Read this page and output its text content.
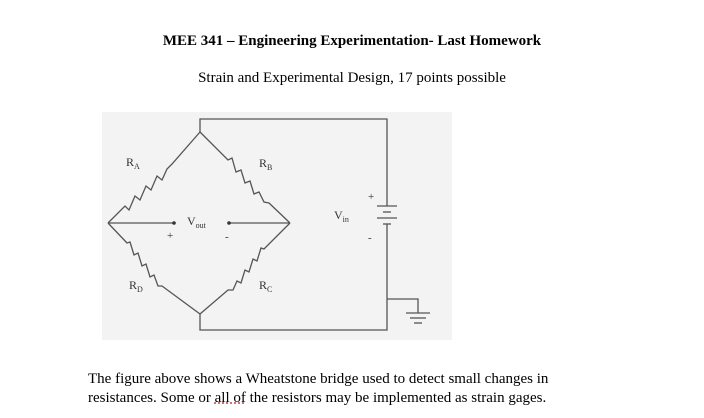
MEE 341 – Engineering Experimentation- Last Homework
Strain and Experimental Design, 17 points possible
$R_A$	$R_B$
$R_C$
$R_D$
$V_{out}$
$V_{in}$
+	-
+
-
The figure above shows a Wheatstone bridge used to detect small changes in
resistances. Some or all of the resistors may be implemented as strain gages.
